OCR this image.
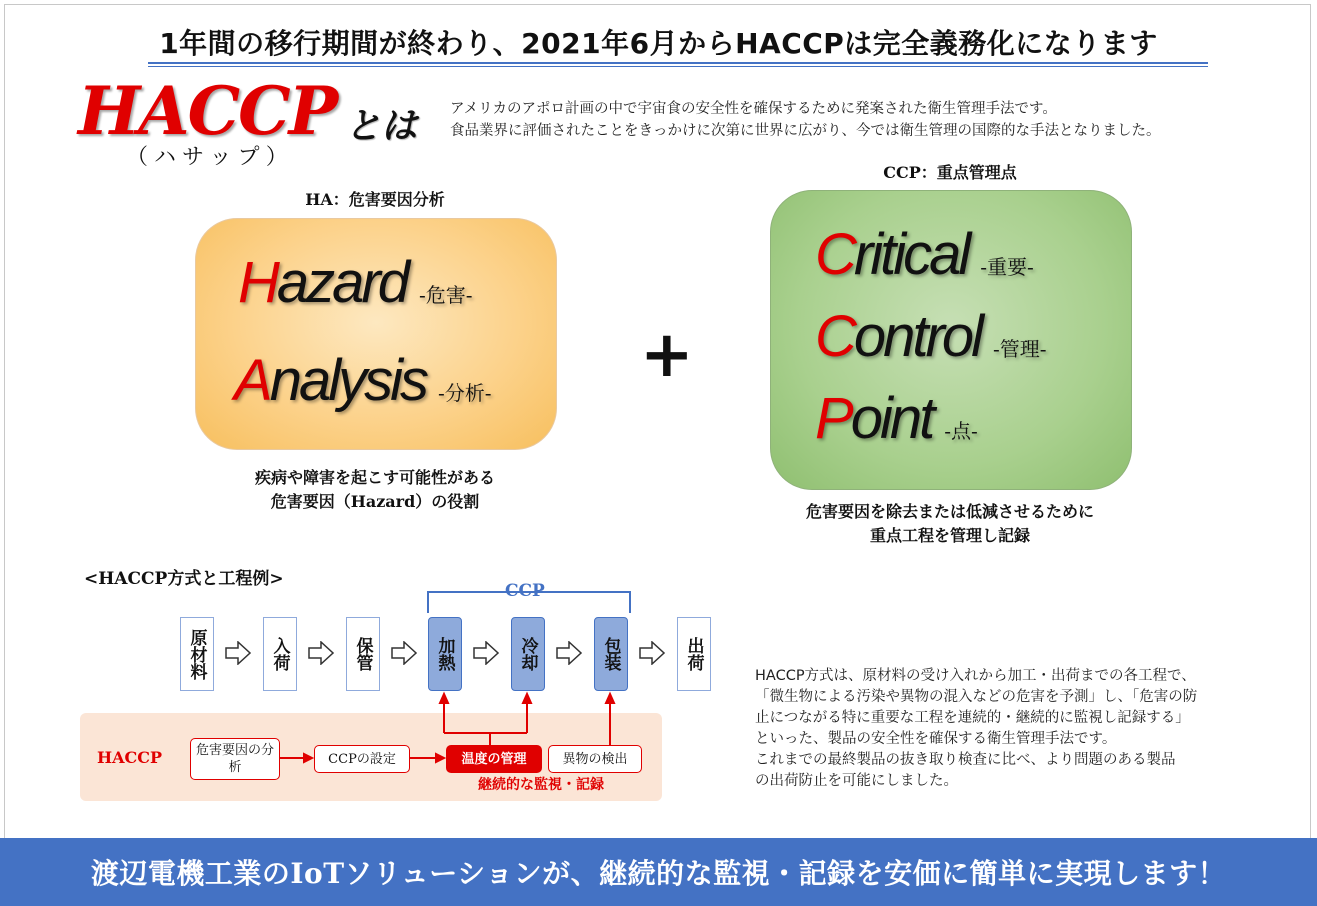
1年間の移行期間が終わり、2021年6月からHACCPは完全義務化になります
HACCP とは
（ハサップ）
アメリカのアポロ計画の中で宇宙食の安全性を確保するために発案された衛生管理手法です。
食品業界に評価されたことをきっかけに次第に世界に広がり、今では衛生管理の国際的な手法となりました。
HA：危害要因分析
Hazard -危害-
Analysis -分析-
疾病や障害を起こす可能性がある
危害要因（Hazard）の役割
+
CCP：重点管理点
Critical -重要-
Control -管理-
Point -点-
危害要因を除去または低減させるために
重点工程を管理し記録
<HACCP方式と工程例>
CCP
原材料	入荷	保管	加熱	冷却	包装	出荷
HACCP	危害要因の分析
CCPの設定	温度の管理	異物の検出
継続的な監視・記録
HACCP方式は、原材料の受け入れから加工・出荷までの各工程で、
「微生物による汚染や異物の混入などの危害を予測」し、「危害の防
止につながる特に重要な工程を連続的・継続的に監視し記録する」
といった、製品の安全性を確保する衛生管理手法です。
これまでの最終製品の抜き取り検査に比べ、より問題のある製品
の出荷防止を可能にしました。
渡辺電機工業のIoTソリューションが、継続的な監視・記録を安価に簡単に実現します！
